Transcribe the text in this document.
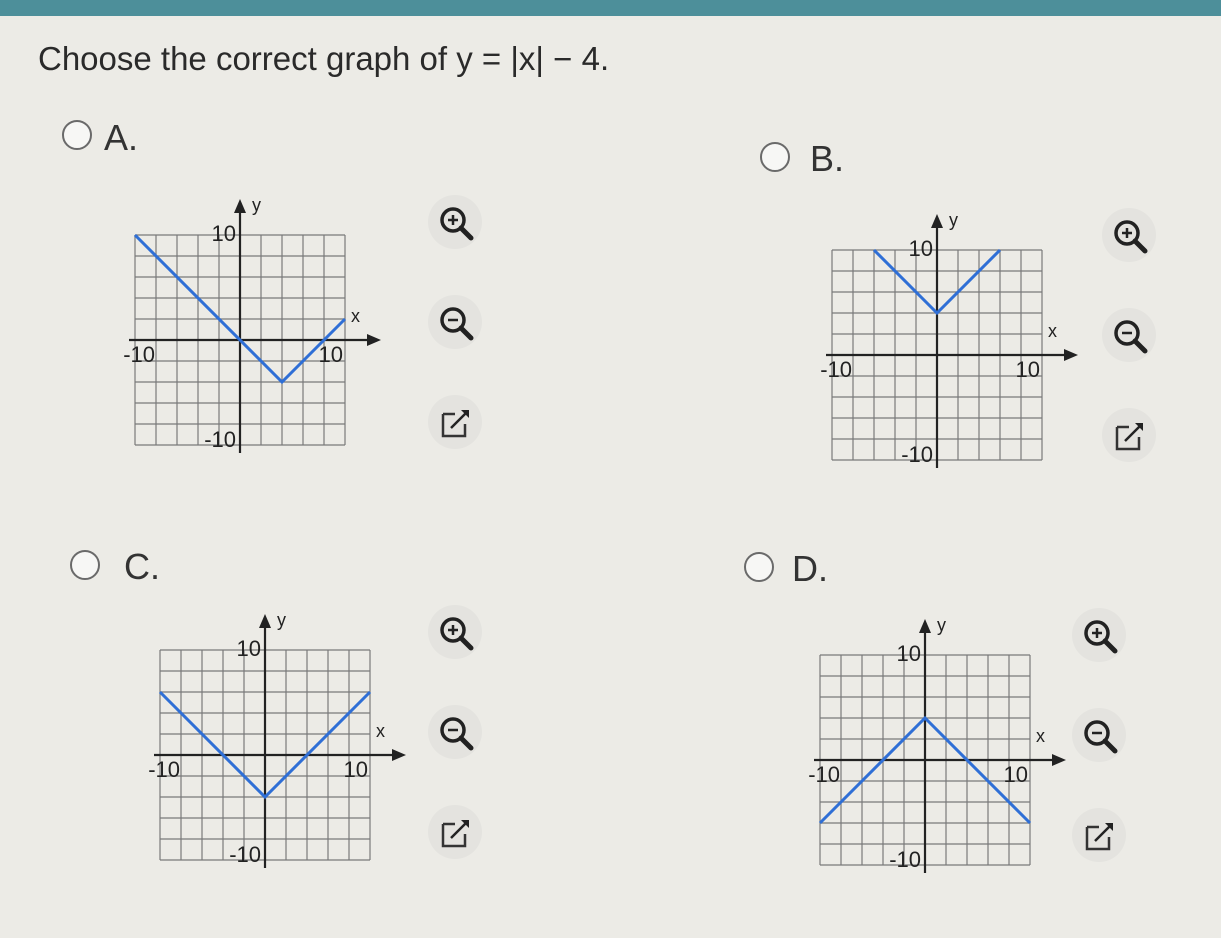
Choose the correct graph of y = |x| − 4.
A.
y
x
10
-10	10
-10
B.
y
x
10
-10	10
-10
C.
y
x
10
-10	10
-10
D.
y
x
10
-10	10
-10
